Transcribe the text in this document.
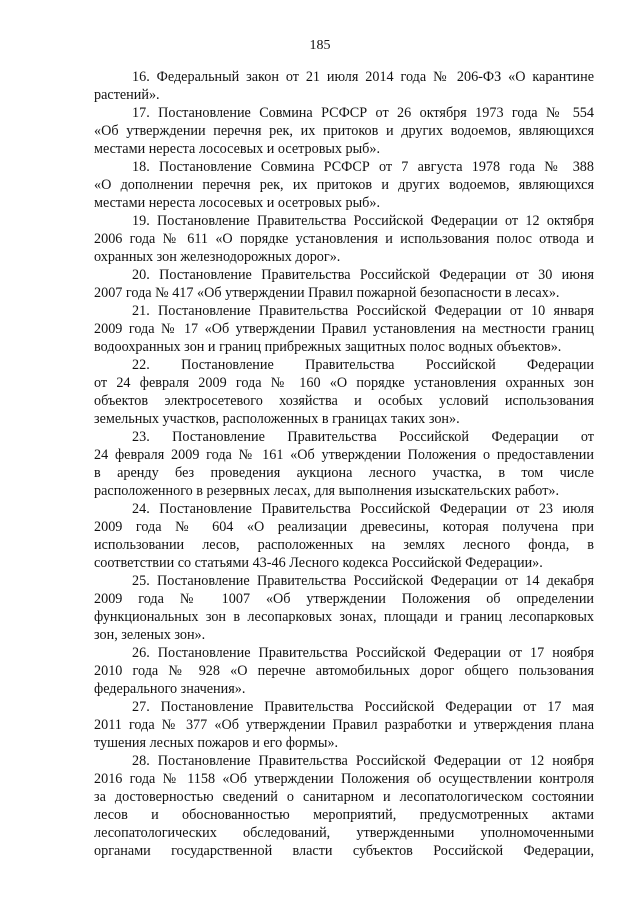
185
16. Федеральный закон от 21 июля 2014 года № 206-ФЗ «О карантине
растений».
17. Постановление Совмина РСФСР от 26 октября 1973 года № 554
«Об утверждении перечня рек, их притоков и других водоемов, являющихся
местами нереста лососевых и осетровых рыб».
18. Постановление Совмина РСФСР от 7 августа 1978 года № 388
«О дополнении перечня рек, их притоков и других водоемов, являющихся
местами нереста лососевых и осетровых рыб».
19. Постановление Правительства Российской Федерации от 12 октября
2006 года № 611 «О порядке установления и использования полос отвода и
охранных зон железнодорожных дорог».
20. Постановление Правительства Российской Федерации от 30 июня
2007 года № 417 «Об утверждении Правил пожарной безопасности в лесах».
21. Постановление Правительства Российской Федерации от 10 января
2009 года № 17 «Об утверждении Правил установления на местности границ
водоохранных зон и границ прибрежных защитных полос водных объектов».
22. Постановление Правительства Российской Федерации
от 24 февраля 2009 года № 160 «О порядке установления охранных зон
объектов электросетевого хозяйства и особых условий использования
земельных участков, расположенных в границах таких зон».
23. Постановление Правительства Российской Федерации от
24 февраля 2009 года № 161 «Об утверждении Положения о предоставлении
в аренду без проведения аукциона лесного участка, в том числе
расположенного в резервных лесах, для выполнения изыскательских работ».
24. Постановление Правительства Российской Федерации от 23 июля
2009 года № 604 «О реализации древесины, которая получена при
использовании лесов, расположенных на землях лесного фонда, в
соответствии со статьями 43-46 Лесного кодекса Российской Федерации».
25. Постановление Правительства Российской Федерации от 14 декабря
2009 года № 1007 «Об утверждении Положения об определении
функциональных зон в лесопарковых зонах, площади и границ лесопарковых
зон, зеленых зон».
26. Постановление Правительства Российской Федерации от 17 ноября
2010 года № 928 «О перечне автомобильных дорог общего пользования
федерального значения».
27. Постановление Правительства Российской Федерации от 17 мая
2011 года № 377 «Об утверждении Правил разработки и утверждения плана
тушения лесных пожаров и его формы».
28. Постановление Правительства Российской Федерации от 12 ноября
2016 года № 1158 «Об утверждении Положения об осуществлении контроля
за достоверностью сведений о санитарном и лесопатологическом состоянии
лесов и обоснованностью мероприятий, предусмотренных актами
лесопатологических обследований, утвержденными уполномоченными
органами государственной власти субъектов Российской Федерации,
